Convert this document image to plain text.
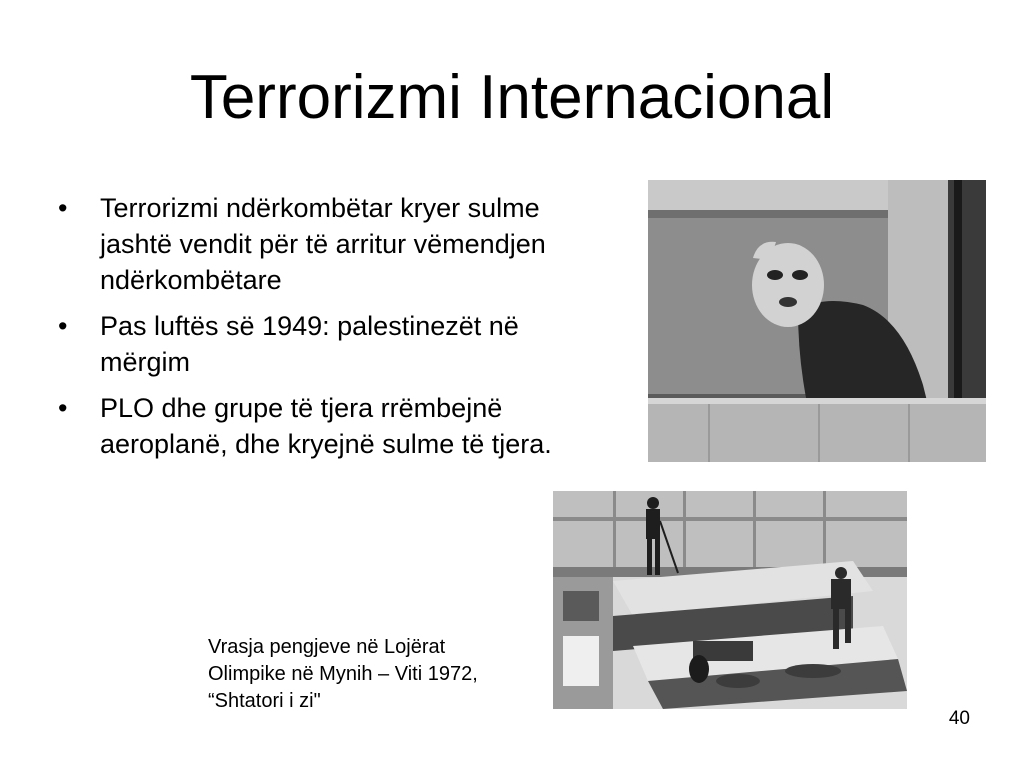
Terrorizmi Internacional
• Terrorizmi ndërkombëtar kryer sulme jashtë vendit për të arritur vëmendjen ndërkombëtare
• Pas luftës së 1949: palestinezët në mërgim
• PLO dhe grupe të tjera rrëmbejnë aeroplanë, dhe kryejnë sulme të tjera.
Vrasja pengjeve në Lojërat Olimpike në Mynih – Viti 1972, “Shtatori i zi"
40
